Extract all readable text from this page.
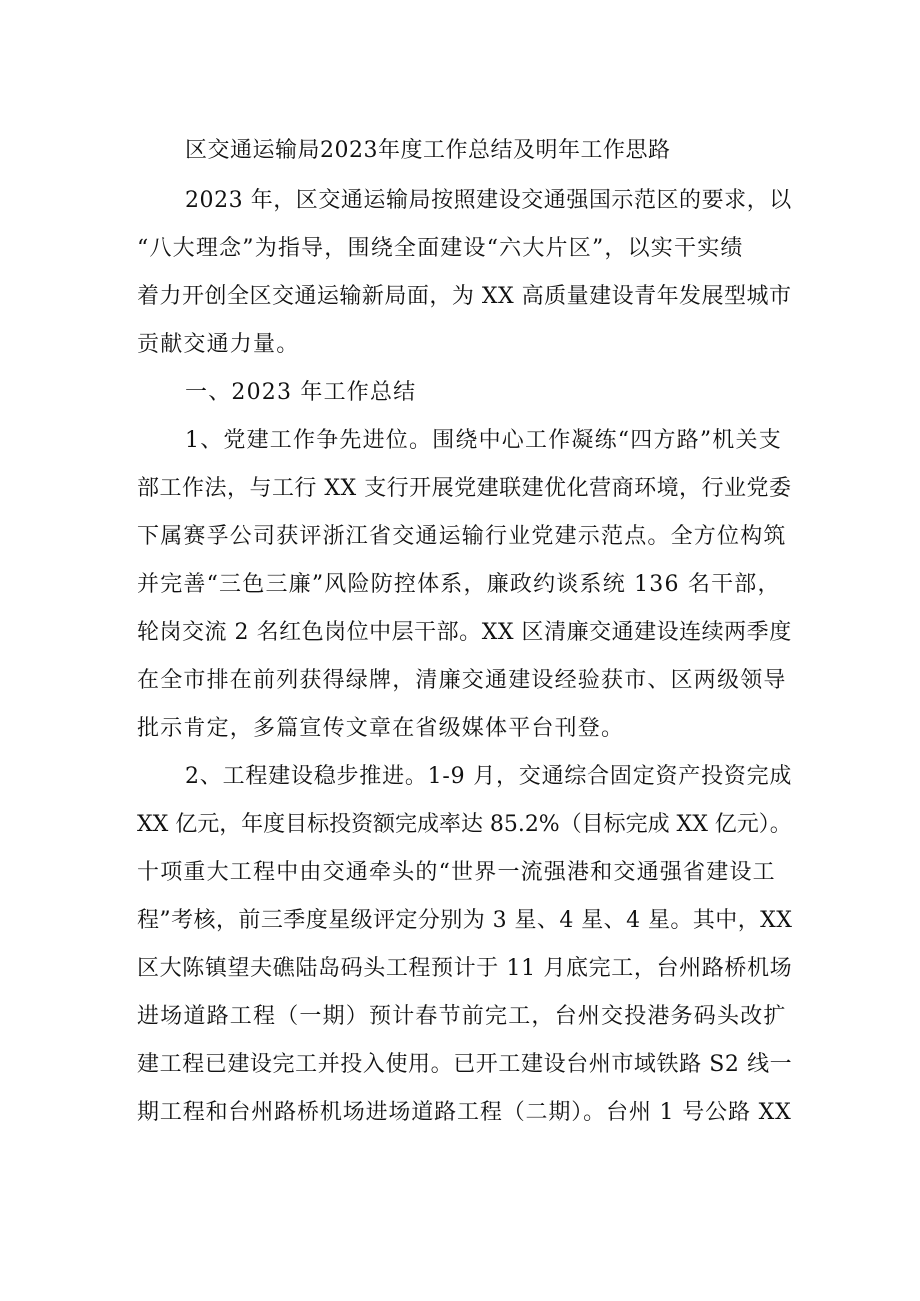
区交通运输局2023年度工作总结及明年工作思路
2023 年，区交通运输局按照建设交通强国示范区的要求，以
“八大理念”为指导，围绕全面建设“六大片区”，以实干实绩
着力开创全区交通运输新局面，为 XX 高质量建设青年发展型城市
贡献交通力量。
一、2023 年工作总结
1、党建工作争先进位。围绕中心工作凝练“四方路”机关支
部工作法，与工行 XX 支行开展党建联建优化营商环境，行业党委
下属赛孚公司获评浙江省交通运输行业党建示范点。全方位构筑
并完善“三色三廉”风险防控体系，廉政约谈系统 136 名干部，
轮岗交流 2 名红色岗位中层干部。XX 区清廉交通建设连续两季度
在全市排在前列获得绿牌，清廉交通建设经验获市、区两级领导
批示肯定，多篇宣传文章在省级媒体平台刊登。
2、工程建设稳步推进。1-9 月，交通综合固定资产投资完成
XX 亿元，年度目标投资额完成率达 85.2%（目标完成 XX 亿元）。
十项重大工程中由交通牵头的“世界一流强港和交通强省建设工
程”考核，前三季度星级评定分别为 3 星、4 星、4 星。其中，XX
区大陈镇望夫礁陆岛码头工程预计于 11 月底完工，台州路桥机场
进场道路工程（一期）预计春节前完工，台州交投港务码头改扩
建工程已建设完工并投入使用。已开工建设台州市域铁路 S2 线一
期工程和台州路桥机场进场道路工程（二期）。台州 1 号公路 XX
